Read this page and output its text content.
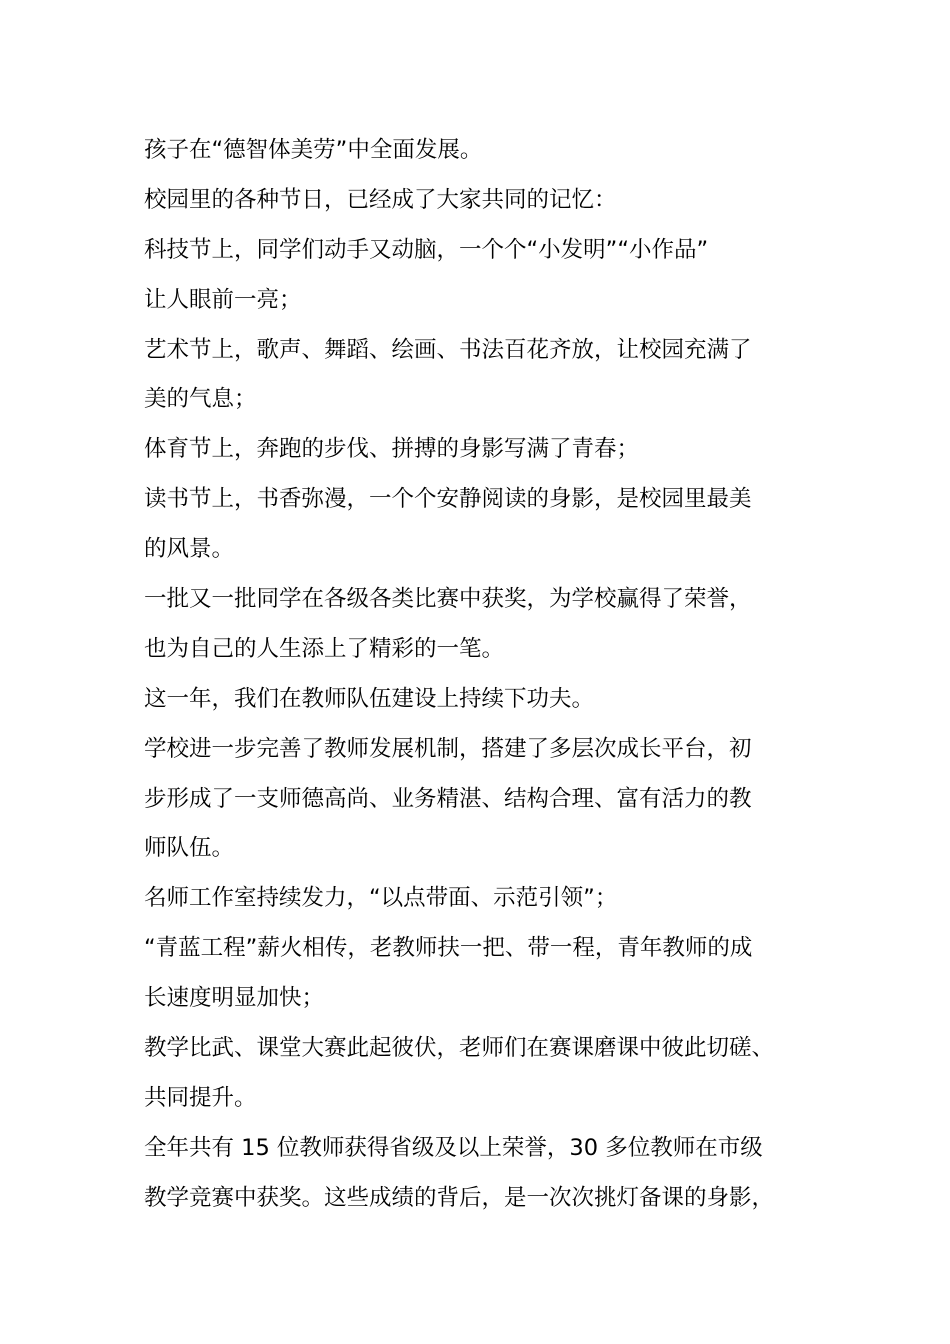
孩子在“德智体美劳”中全面发展。
校园里的各种节日，已经成了大家共同的记忆：
科技节上，同学们动手又动脑，一个个“小发明”“小作品”
让人眼前一亮；
艺术节上，歌声、舞蹈、绘画、书法百花齐放，让校园充满了
美的气息；
体育节上，奔跑的步伐、拼搏的身影写满了青春；
读书节上，书香弥漫，一个个安静阅读的身影，是校园里最美
的风景。
一批又一批同学在各级各类比赛中获奖，为学校赢得了荣誉，
也为自己的人生添上了精彩的一笔。
这一年，我们在教师队伍建设上持续下功夫。
学校进一步完善了教师发展机制，搭建了多层次成长平台，初
步形成了一支师德高尚、业务精湛、结构合理、富有活力的教
师队伍。
名师工作室持续发力，“以点带面、示范引领”；
“青蓝工程”薪火相传，老教师扶一把、带一程，青年教师的成
长速度明显加快；
教学比武、课堂大赛此起彼伏，老师们在赛课磨课中彼此切磋、
共同提升。
全年共有 15 位教师获得省级及以上荣誉，30 多位教师在市级
教学竞赛中获奖。这些成绩的背后，是一次次挑灯备课的身影，
